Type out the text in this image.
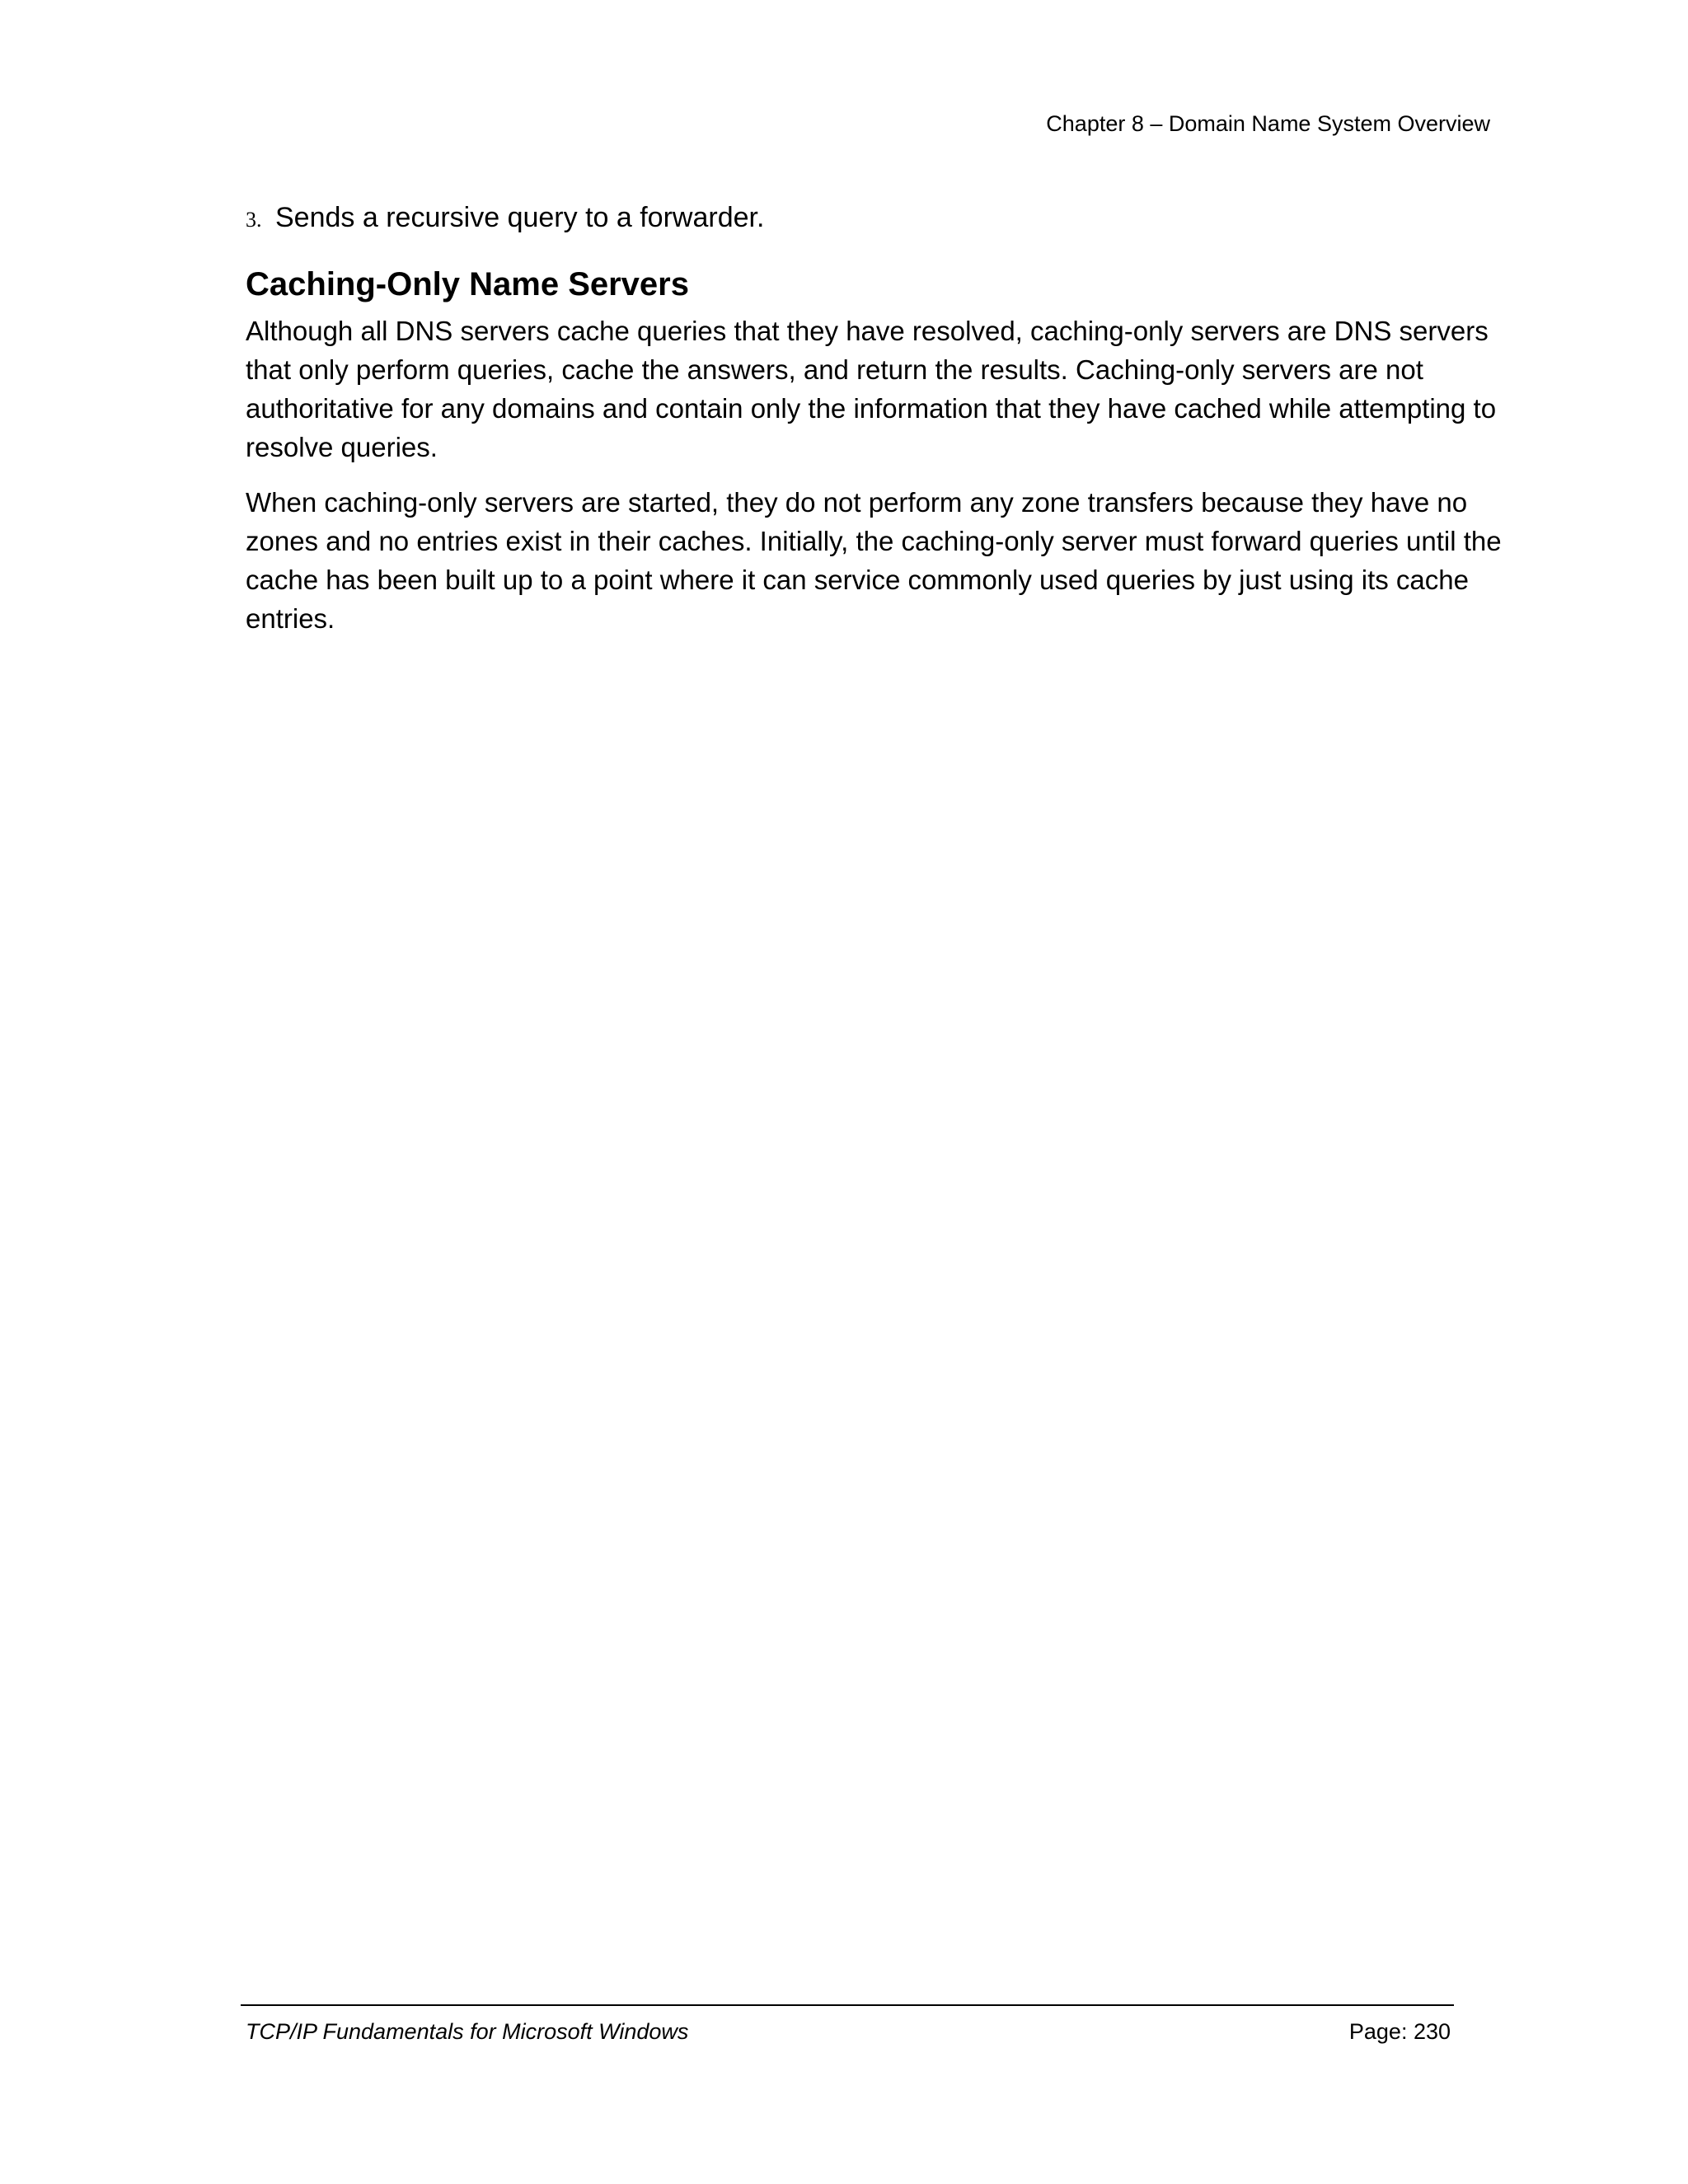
Chapter 8 – Domain Name System Overview

3. Sends a recursive query to a forwarder.

Caching-Only Name Servers

Although all DNS servers cache queries that they have resolved, caching-only servers are DNS servers that only perform queries, cache the answers, and return the results. Caching-only servers are not authoritative for any domains and contain only the information that they have cached while attempting to resolve queries.

When caching-only servers are started, they do not perform any zone transfers because they have no zones and no entries exist in their caches. Initially, the caching-only server must forward queries until the cache has been built up to a point where it can service commonly used queries by just using its cache entries.

TCP/IP Fundamentals for Microsoft Windows	Page: 230
